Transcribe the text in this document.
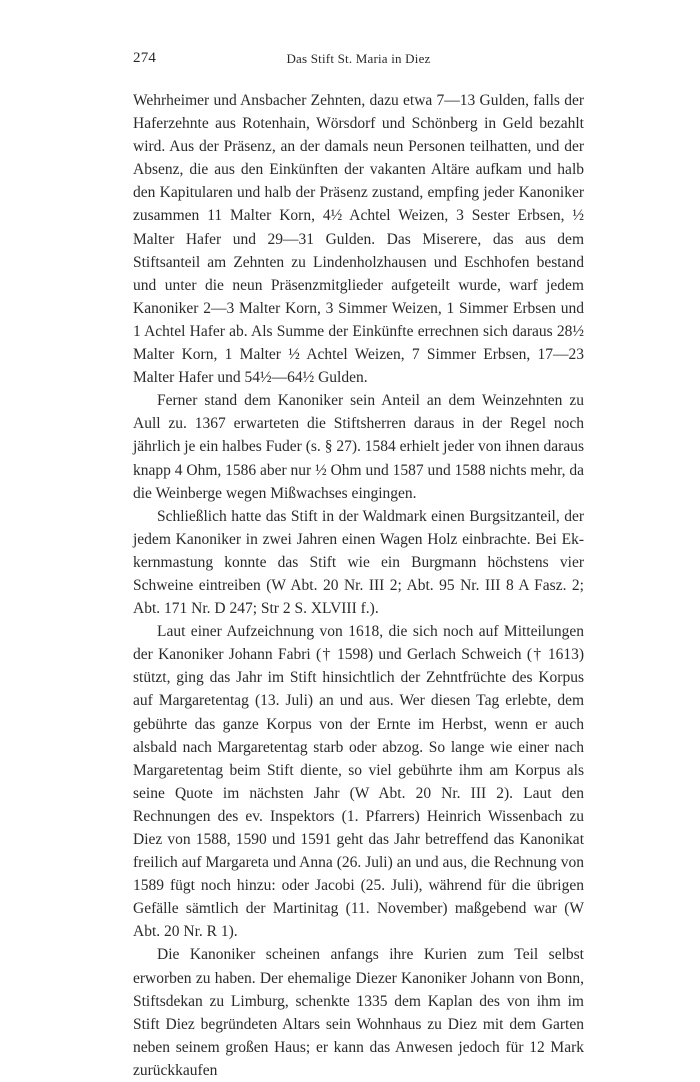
274	Das Stift St. Maria in Diez

Wehrheimer und Ansbacher Zehnten, dazu etwa 7—13 Gulden, falls der Haferzehnte aus Rotenhain, Wörsdorf und Schönberg in Geld bezahlt wird. Aus der Präsenz, an der damals neun Personen teilhatten, und der Absenz, die aus den Einkünften der vakanten Altäre aufkam und halb den Kapitularen und halb der Präsenz zustand, empfing jeder Kanoniker zusammen 11 Malter Korn, 4½ Achtel Weizen, 3 Sester Erbsen, ½ Malter Hafer und 29—31 Gulden. Das Miserere, das aus dem Stiftsanteil am Zehnten zu Lindenholzhausen und Eschhofen bestand und unter die neun Präsenzmitglieder aufgeteilt wurde, warf jedem Kanoniker 2—3 Malter Korn, 3 Simmer Weizen, 1 Simmer Erbsen und 1 Achtel Hafer ab. Als Summe der Einkünfte errechnen sich daraus 28½ Malter Korn, 1 Malter ½ Achtel Weizen, 7 Simmer Erbsen, 17—23 Malter Hafer und 54½—64½ Gulden.

Ferner stand dem Kanoniker sein Anteil an dem Weinzehnten zu Aull zu. 1367 erwarteten die Stiftsherren daraus in der Regel noch jährlich je ein halbes Fuder (s. § 27). 1584 erhielt jeder von ihnen daraus knapp 4 Ohm, 1586 aber nur ½ Ohm und 1587 und 1588 nichts mehr, da die Weinberge wegen Mißwachses eingingen.

Schließlich hatte das Stift in der Waldmark einen Burgsitzanteil, der jedem Kanoniker in zwei Jahren einen Wagen Holz einbrachte. Bei Ekkernmastung konnte das Stift wie ein Burgmann höchstens vier Schweine eintreiben (W Abt. 20 Nr. III 2; Abt. 95 Nr. III 8 A Fasz. 2; Abt. 171 Nr. D 247; Str 2 S. XLVIII f.).

Laut einer Aufzeichnung von 1618, die sich noch auf Mitteilungen der Kanoniker Johann Fabri († 1598) und Gerlach Schweich († 1613) stützt, ging das Jahr im Stift hinsichtlich der Zehntfrüchte des Korpus auf Margaretentag (13. Juli) an und aus. Wer diesen Tag erlebte, dem gebührte das ganze Korpus von der Ernte im Herbst, wenn er auch alsbald nach Margaretentag starb oder abzog. So lange wie einer nach Margaretentag beim Stift diente, so viel gebührte ihm am Korpus als seine Quote im nächsten Jahr (W Abt. 20 Nr. III 2). Laut den Rechnungen des ev. Inspektors (1. Pfarrers) Heinrich Wissenbach zu Diez von 1588, 1590 und 1591 geht das Jahr betreffend das Kanonikat freilich auf Margareta und Anna (26. Juli) an und aus, die Rechnung von 1589 fügt noch hinzu: oder Jacobi (25. Juli), während für die übrigen Gefälle sämtlich der Martinitag (11. November) maßgebend war (W Abt. 20 Nr. R 1).

Die Kanoniker scheinen anfangs ihre Kurien zum Teil selbst erworben zu haben. Der ehemalige Diezer Kanoniker Johann von Bonn, Stiftsdekan zu Limburg, schenkte 1335 dem Kaplan des von ihm im Stift Diez begründeten Altars sein Wohnhaus zu Diez mit dem Garten neben seinem großen Haus; er kann das Anwesen jedoch für 12 Mark zurückkaufen
